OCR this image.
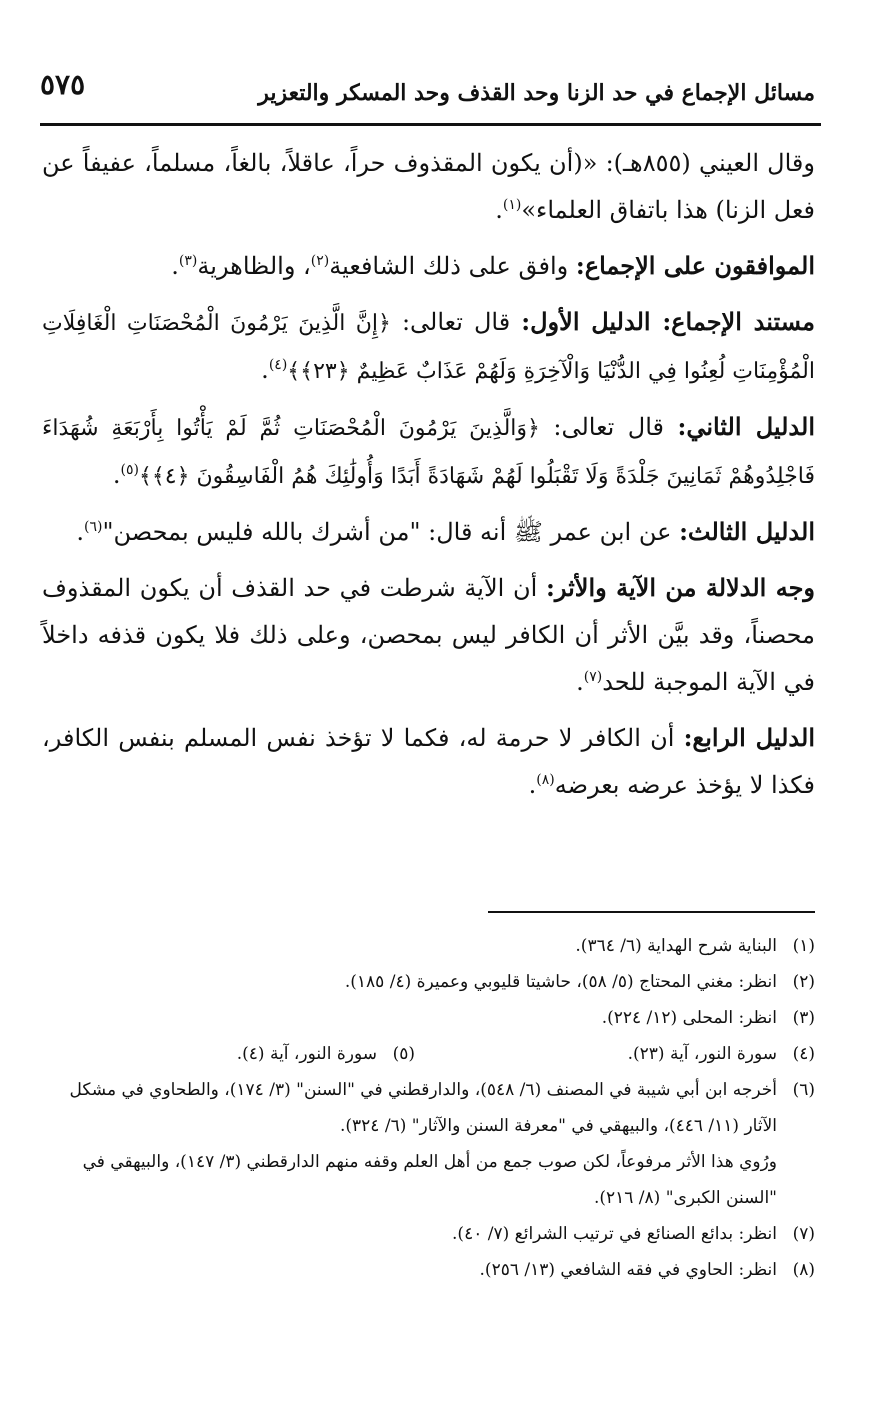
مسائل الإجماع في حد الزنا وحد القذف وحد المسكر والتعزير
٥٧٥

وقال العيني (٨٥٥هـ): «(أن يكون المقذوف حراً، عاقلاً، بالغاً، مسلماً، عفيفاً عن فعل الزنا) هذا باتفاق العلماء»$^{(١)}$.

الموافقون على الإجماع: وافق على ذلك الشافعية$^{(٢)}$، والظاهرية$^{(٣)}$.

مستند الإجماع: الدليل الأول: قال تعالى: ﴿إِنَّ الَّذِينَ يَرْمُونَ الْمُحْصَنَاتِ الْغَافِلَاتِ الْمُؤْمِنَاتِ لُعِنُوا فِي الدُّنْيَا وَالْآخِرَةِ وَلَهُمْ عَذَابٌ عَظِيمٌ ﴿٢٣﴾﴾$^{(٤)}$.

الدليل الثاني: قال تعالى: ﴿وَالَّذِينَ يَرْمُونَ الْمُحْصَنَاتِ ثُمَّ لَمْ يَأْتُوا بِأَرْبَعَةِ شُهَدَاءَ فَاجْلِدُوهُمْ ثَمَانِينَ جَلْدَةً وَلَا تَقْبَلُوا لَهُمْ شَهَادَةً أَبَدًا وَأُولَٰئِكَ هُمُ الْفَاسِقُونَ ﴿٤﴾﴾$^{(٥)}$.

الدليل الثالث: عن ابن عمر ﷺ أنه قال: "من أشرك بالله فليس بمحصن"$^{(٦)}$.

وجه الدلالة من الآية والأثر: أن الآية شرطت في حد القذف أن يكون المقذوف محصناً، وقد بيَّن الأثر أن الكافر ليس بمحصن، وعلى ذلك فلا يكون قذفه داخلاً في الآية الموجبة للحد$^{(٧)}$.

الدليل الرابع: أن الكافر لا حرمة له، فكما لا تؤخذ نفس المسلم بنفس الكافر، فكذا لا يؤخذ عرضه بعرضه$^{(٨)}$.

(١)
البناية شرح الهداية (٦/ ٣٦٤).
(٢)
انظر: مغني المحتاج (٥/ ٥٨)، حاشيتا قليوبي وعميرة (٤/ ١٨٥).
(٣)
انظر: المحلى (١٢/ ٢٢٤).
(٤)
سورة النور، آية (٢٣).
(٥)
سورة النور، آية (٤).
(٦)
أخرجه ابن أبي شيبة في المصنف (٦/ ٥٤٨)، والدارقطني في "السنن" (٣/ ١٧٤)، والطحاوي في مشكل الآثار (١١/ ٤٤٦)، والبيهقي في "معرفة السنن والآثار" (٦/ ٣٢٤).
ورُوي هذا الأثر مرفوعاً، لكن صوب جمع من أهل العلم وقفه منهم الدارقطني (٣/ ١٤٧)، والبيهقي في "السنن الكبرى" (٨/ ٢١٦).
(٧)
انظر: بدائع الصنائع في ترتيب الشرائع (٧/ ٤٠).
(٨)
انظر: الحاوي في فقه الشافعي (١٣/ ٢٥٦).
